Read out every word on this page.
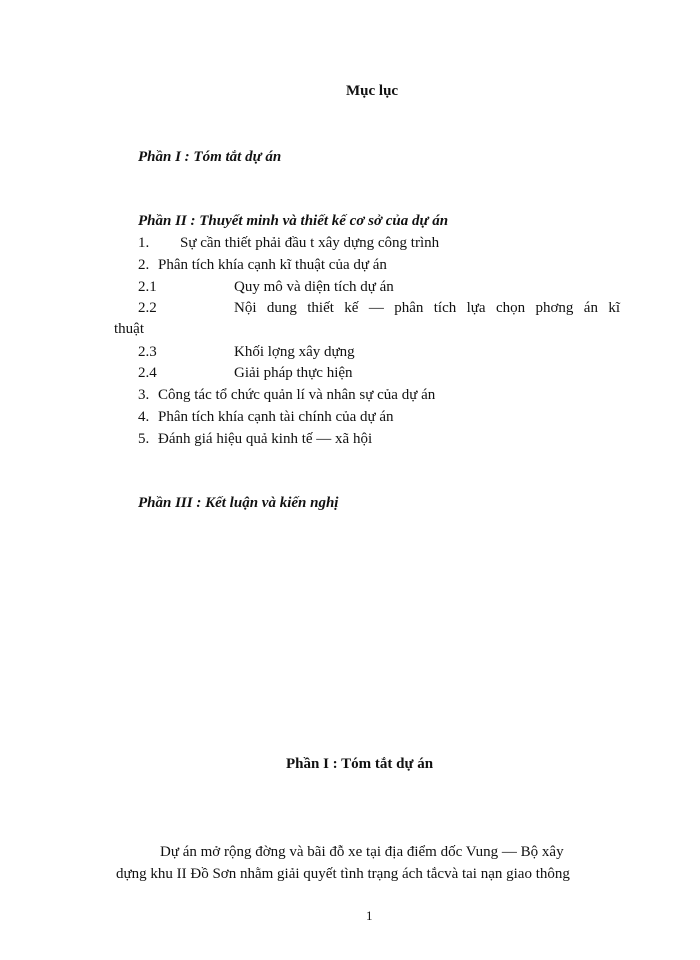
Mục lục
Phần I : Tóm tắt dự án
Phần II : Thuyết minh và thiết kế cơ sở của dự án
1. Sự cần thiết phải đầu t xây dựng công trình
2. Phân tích khía cạnh kĩ thuật của dự án
2.1	Quy mô và diện tích dự án
2.2	Nội dung thiết kế — phân tích lựa chọn phơng án kĩ
thuật
2.3	Khối lợng xây dựng
2.4	Giải pháp thực hiện
3. Công tác tổ chức quản lí và nhân sự của dự án
4. Phân tích khía cạnh tài chính của dự án
5. Đánh giá hiệu quả kinh tế — xã hội
Phần III : Kết luận và kiến nghị
Phần I : Tóm tắt dự án
Dự án mở rộng đờng và bãi đỗ xe tại địa điểm dốc Vung — Bộ xây
dựng khu II Đồ Sơn nhằm giải quyết tình trạng ách tắcvà tai nạn giao thông
1
